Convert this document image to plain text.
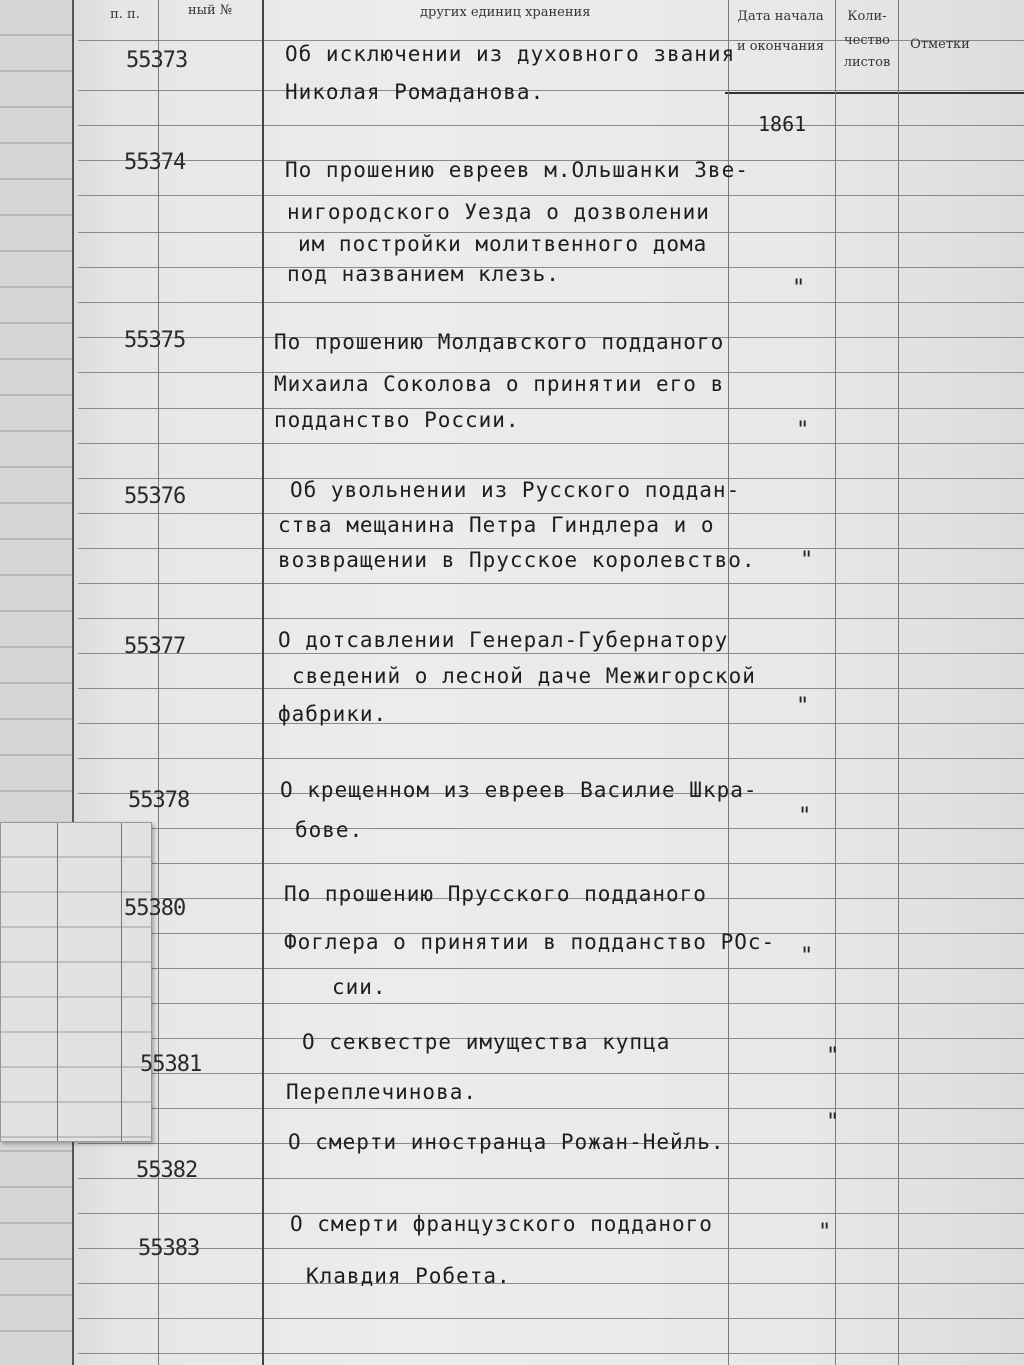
п. п.	ный №	других единиц хранения	Дата начала
и окончания
Коли-
чество
листов
Отметки
55373	Об исключении из духовного звания
Николая Ромаданова.
1861
55374	По прошению евреев м.Ольшанки Зве-
нигородского Уезда о дозволении
им постройки молитвенного дома
под названием клезь.
"
55375	По прошению Молдавского подданого
Михаила Соколова о принятии его в
подданство России.	"
55376	Об увольнении из Русского поддан-
ства мещанина Петра Гиндлера и о
возвращении в Прусское королевство. "
55377	О дотсавлении Генерал-Губернатору
сведений о лесной даче Межигорской
фабрики.	"
55378	О крещенном из евреев Василие Шкра-
бове.
"
55380
По прошению Прусского подданого
Фоглера о принятии в подданство РОс-
сии.
"
55381
О секвестре имущества купца
Переплечинова.
"
55382
О смерти иностранца Рожан-Нейль.
"
55383
О смерти французского подданого
Клавдия Робета.
"
